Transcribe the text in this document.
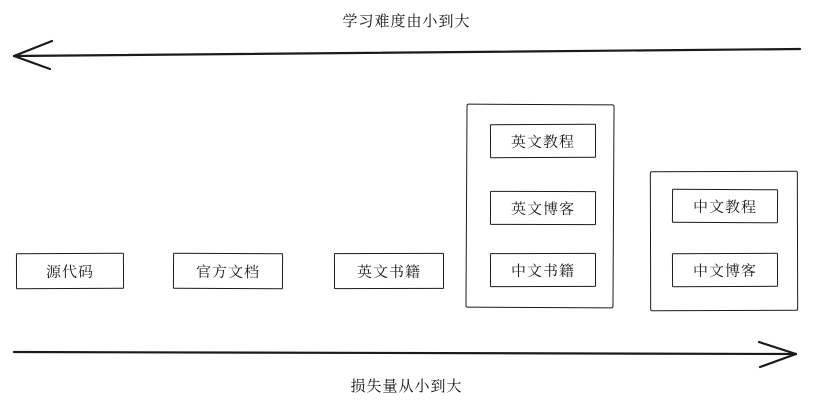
学习难度由小到大
源代码	官方文档	英文书籍
英文教程
英文博客
中文书籍
中文教程
中文博客
损失量从小到大
